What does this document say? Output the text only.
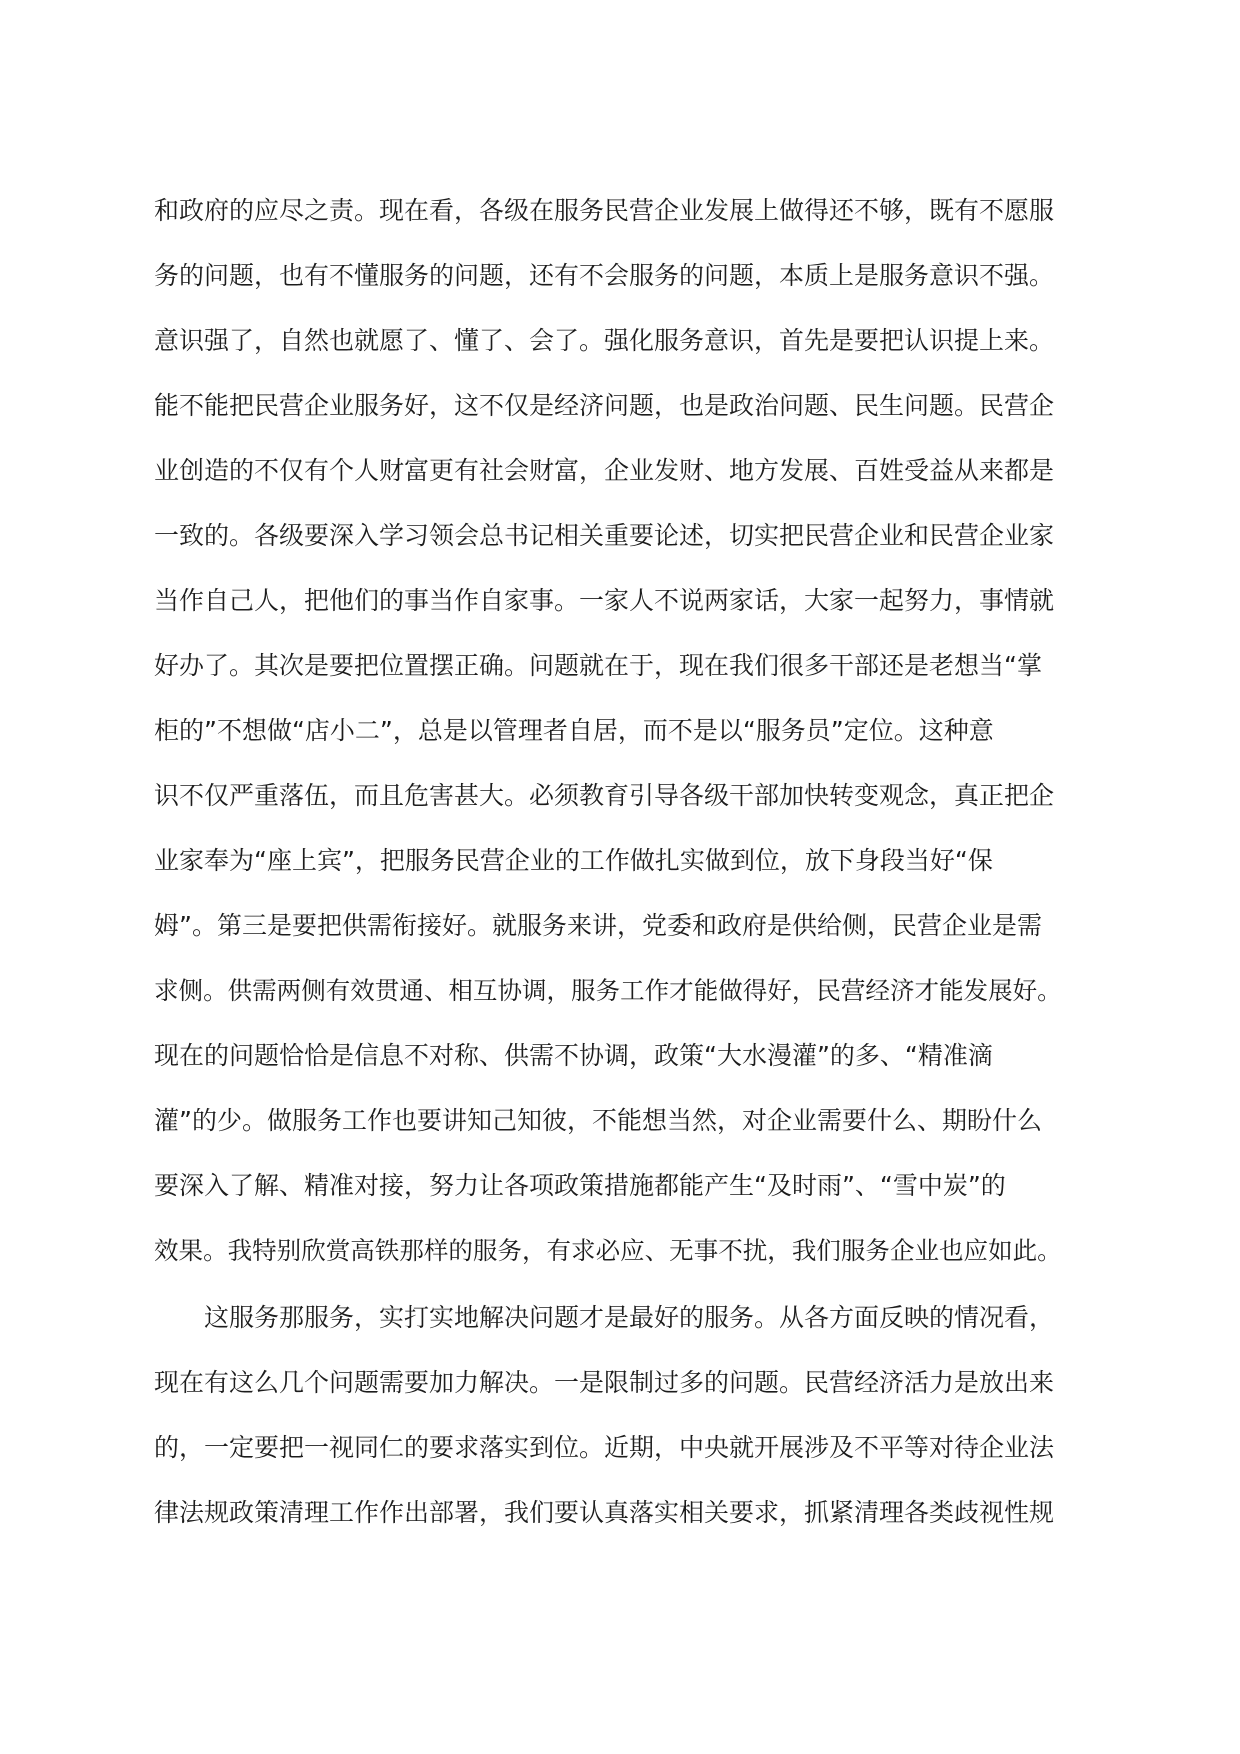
和政府的应尽之责。现在看，各级在服务民营企业发展上做得还不够，既有不愿服
务的问题，也有不懂服务的问题，还有不会服务的问题，本质上是服务意识不强。
意识强了，自然也就愿了、懂了、会了。强化服务意识，首先是要把认识提上来。
能不能把民营企业服务好，这不仅是经济问题，也是政治问题、民生问题。民营企
业创造的不仅有个人财富更有社会财富，企业发财、地方发展、百姓受益从来都是
一致的。各级要深入学习领会总书记相关重要论述，切实把民营企业和民营企业家
当作自己人，把他们的事当作自家事。一家人不说两家话，大家一起努力，事情就
好办了。其次是要把位置摆正确。问题就在于，现在我们很多干部还是老想当“掌
柜的”不想做“店小二”，总是以管理者自居，而不是以“服务员”定位。这种意
识不仅严重落伍，而且危害甚大。必须教育引导各级干部加快转变观念，真正把企
业家奉为“座上宾”，把服务民营企业的工作做扎实做到位，放下身段当好“保
姆”。第三是要把供需衔接好。就服务来讲，党委和政府是供给侧，民营企业是需
求侧。供需两侧有效贯通、相互协调，服务工作才能做得好，民营经济才能发展好。
现在的问题恰恰是信息不对称、供需不协调，政策“大水漫灌”的多、“精准滴
灌”的少。做服务工作也要讲知己知彼，不能想当然，对企业需要什么、期盼什么
要深入了解、精准对接，努力让各项政策措施都能产生“及时雨”、“雪中炭”的
效果。我特别欣赏高铁那样的服务，有求必应、无事不扰，我们服务企业也应如此。
这服务那服务，实打实地解决问题才是最好的服务。从各方面反映的情况看，
现在有这么几个问题需要加力解决。一是限制过多的问题。民营经济活力是放出来
的，一定要把一视同仁的要求落实到位。近期，中央就开展涉及不平等对待企业法
律法规政策清理工作作出部署，我们要认真落实相关要求，抓紧清理各类歧视性规
